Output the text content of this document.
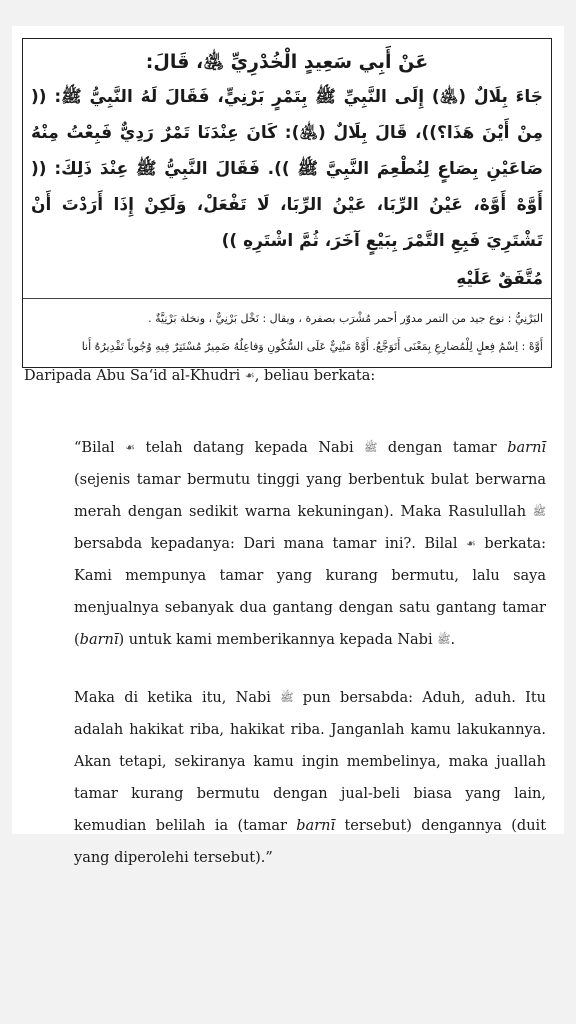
عَنْ أَبِي سَعِيدٍ الْخُدْرِيِّ ﵁، قَالَ:

جَاءَ بِلَالٌ (﵁) إِلَى النَّبِيِّ ﷺ بِتَمْرٍ بَرْنِيٍّ، فَقَالَ لَهُ النَّبِيُّ ﷺ: (( مِنْ أَيْنَ هَذَا؟))، قَالَ بِلَالٌ (﵁): كَانَ عِنْدَنَا تَمْرٌ رَدِيٌّ فَبِعْتُ مِنْهُ صَاعَيْنِ بِصَاعٍ لِنُطْعِمَ النَّبِيَّ ﷺ )). فَقَالَ النَّبِيُّ ﷺ عِنْدَ ذَلِكَ: (( أَوَّهْ أَوَّهْ، عَيْنُ الرِّبَا، عَيْنُ الرِّبَا، لَا تَفْعَلْ، وَلَكِنْ إِذَا أَرَدْتَ أَنْ تَشْتَرِيَ فَبِعِ التَّمْرَ بِبَيْعٍ آخَرَ، ثُمَّ اشْتَرِهِ ))

مُتَّفَقٌ عَلَيْهِ

البَرْنِيُّ : نوع جيد من التمر مدوّر أحمر مُشْرَب بصفرة ، ويقال : نَخْل بَرْنِيٌّ ، ونخلة بَرْنِيَّةٌ .

أَوَّهْ : اِسْمُ فِعلٍ لِلْمُضارِعِ بِمَعْنَى أَتَوَجَّعُ. أَوَّهْ مَبْنِيٌّ عَلَى السُّكُونِ وَفاعِلُهُ ضَمِيرٌ مُسْتَتِرٌ فِيهِ وُجُوباً تَقْدِيرُهُ أَنا

Daripada Abu Sa‘id al-Khudri ☙, beliau berkata:

“Bilal ☙ telah datang kepada Nabi ﷺ dengan tamar barnī (sejenis tamar bermutu tinggi yang berbentuk bulat berwarna merah dengan sedikit warna kekuningan). Maka Rasulullah ﷺ bersabda kepadanya: Dari mana tamar ini?. Bilal ☙ berkata: Kami mempunya tamar yang kurang bermutu, lalu saya menjualnya sebanyak dua gantang dengan satu gantang tamar (barnī) untuk kami memberikannya kepada Nabi ﷺ.

Maka di ketika itu, Nabi ﷺ pun bersabda: Aduh, aduh. Itu adalah hakikat riba, hakikat riba. Janganlah kamu lakukannya. Akan tetapi, sekiranya kamu ingin membelinya, maka juallah tamar kurang bermutu dengan jual-beli biasa yang lain, kemudian belilah ia (tamar barnī tersebut) dengannya (duit yang diperolehi tersebut).”
